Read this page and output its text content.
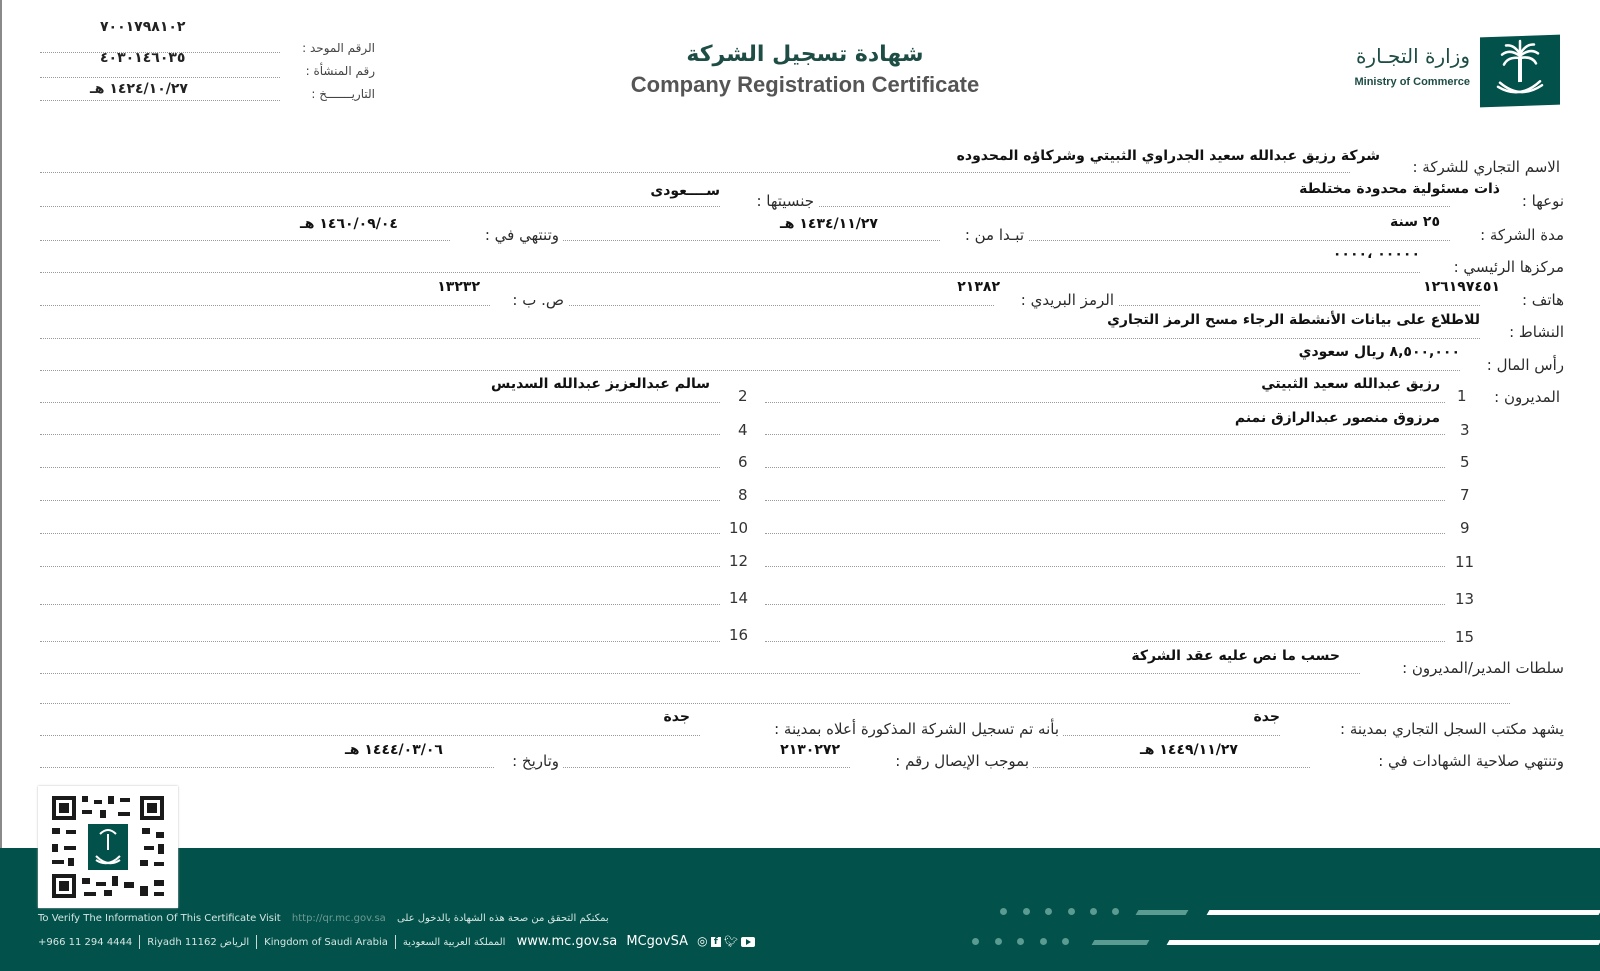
٧٠٠١٧٩٨١٠٢
الرقم الموحد :
٤٠٣٠١٤٦٠٣٥
رقم المنشأة :
١٤٢٤/١٠/٢٧ هـ	التاريـــــــخ :
شهادة تسجيل الشركة
Company Registration Certificate
وزارة التجـارة
Ministry of Commerce
الاسم التجاري للشركة :
شركة رزيق عبدالله سعيد الجدراوي الثبيتي وشركاؤه المحدوده
نوعها :
ذات مسئولية محدودة مختلطة
جنسيتها :
ســــعودى
مدة الشركة :
٢٥ سنة
تبـدا من :
١٤٣٤/١١/٢٧ هـ
وتنتهي في :
١٤٦٠/٠٩/٠٤ هـ
مركزها الرئيسي :
٠٠٠٠٠ ،٠٠٠٠
هاتف :
١٢٦١٩٧٤٥١
الرمز البريدي :
٢١٣٨٢
ص. ب :
١٣٢٣٢
النشاط :
للاطلاع على بيانات الأنشطة الرجاء مسح الرمز التجاري
رأس المال :
٨,٥٠٠,٠٠٠ ريال سعودي
المديرون :
1
رزيق عبدالله سعيد الثبيتي
2
سالم عبدالعزيز عبدالله السديس
3
مرزوق منصور عبدالرازق نمنم
4
5
6
7
8
9
10
11
12
13
14
15
16
سلطات المدير/المديرون :
حسب ما نص عليه عقد الشركة
يشهد مكتب السجل التجاري بمدينة :
جدة
بأنه تم تسجيل الشركة المذكورة أعلاه بمدينة :
جدة
وتنتهي صلاحية الشهادات في :
١٤٤٩/١١/٢٧ هـ
بموجب الإيصال رقم :
٢١٣٠٢٧٢
وتاريخ :
١٤٤٤/٠٣/٠٦ هـ
To Verify The Information Of This Certificate Visit http://qr.mc.gov.sa بمكنكم التحقق من صحة هذه الشهادة بالدخول على
+966 11 294 4444 Riyadh 11162 الرياض Kingdom of Saudi Arabia المملكة العربية السعودية www.mc.gov.sa MCgovSA ◎ f 🐦︎
